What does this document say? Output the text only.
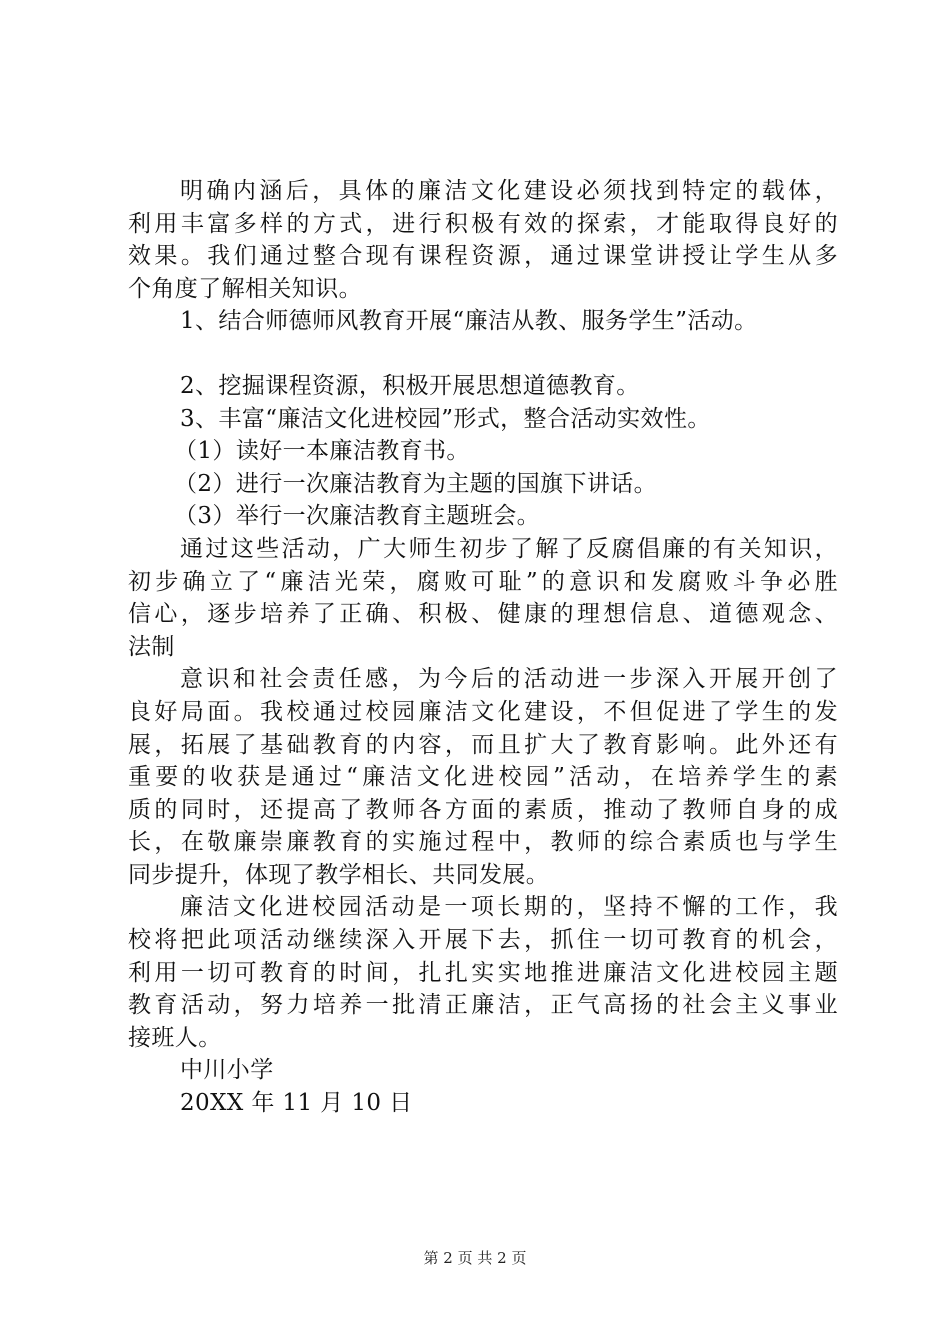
明确内涵后，具体的廉洁文化建设必须找到特定的载体，
利用丰富多样的方式，进行积极有效的探索，才能取得良好的
效果。我们通过整合现有课程资源，通过课堂讲授让学生从多
个角度了解相关知识。
1、结合师德师风教育开展“廉洁从教、服务学生”活动。
2、挖掘课程资源，积极开展思想道德教育。
3、丰富“廉洁文化进校园”形式，整合活动实效性。
（1）读好一本廉洁教育书。
（2）进行一次廉洁教育为主题的国旗下讲话。
（3）举行一次廉洁教育主题班会。
通过这些活动，广大师生初步了解了反腐倡廉的有关知识，
初步确立了“廉洁光荣，腐败可耻”的意识和发腐败斗争必胜
信心，逐步培养了正确、积极、健康的理想信息、道德观念、
法制
意识和社会责任感，为今后的活动进一步深入开展开创了
良好局面。我校通过校园廉洁文化建设，不但促进了学生的发
展，拓展了基础教育的内容，而且扩大了教育影响。此外还有
重要的收获是通过“廉洁文化进校园”活动，在培养学生的素
质的同时，还提高了教师各方面的素质，推动了教师自身的成
长，在敬廉崇廉教育的实施过程中，教师的综合素质也与学生
同步提升，体现了教学相长、共同发展。
廉洁文化进校园活动是一项长期的，坚持不懈的工作，我
校将把此项活动继续深入开展下去，抓住一切可教育的机会，
利用一切可教育的时间，扎扎实实地推进廉洁文化进校园主题
教育活动，努力培养一批清正廉洁，正气高扬的社会主义事业
接班人。
中川小学
20XX 年 11 月 10 日
第 2 页 共 2 页
